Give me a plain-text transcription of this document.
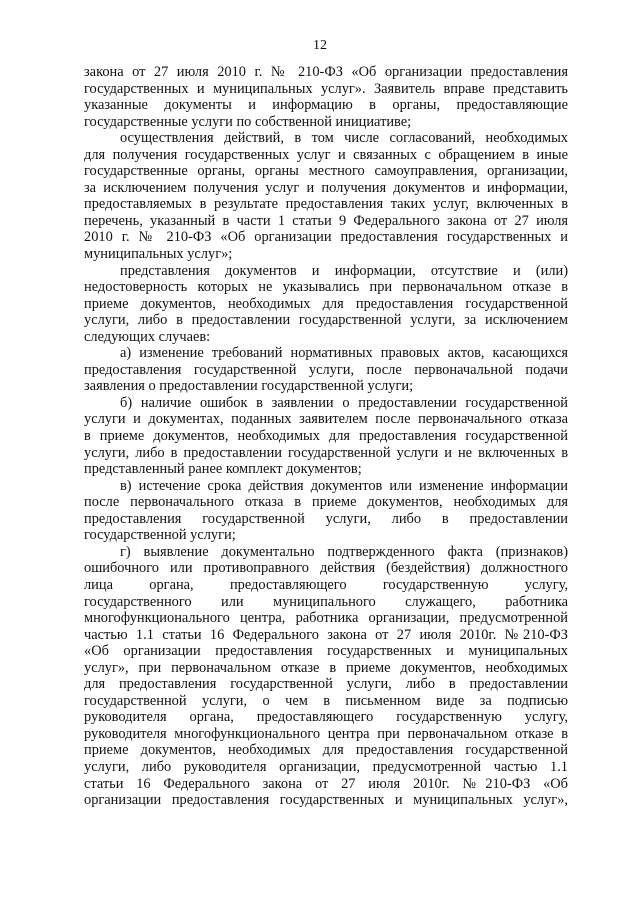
12
закона от 27 июля 2010 г. № 210-ФЗ «Об организации предоставления
государственных и муниципальных услуг». Заявитель вправе представить
указанные документы и информацию в органы, предоставляющие
государственные услуги по собственной инициативе;
осуществления действий, в том числе согласований, необходимых
для получения государственных услуг и связанных с обращением в иные
государственные органы, органы местного самоуправления, организации,
за исключением получения услуг и получения документов и информации,
предоставляемых в результате предоставления таких услуг, включенных в
перечень, указанный в части 1 статьи 9 Федерального закона от 27 июля
2010 г. № 210-ФЗ «Об организации предоставления государственных и
муниципальных услуг»;
представления документов и информации, отсутствие и (или)
недостоверность которых не указывались при первоначальном отказе в
приеме документов, необходимых для предоставления государственной
услуги, либо в предоставлении государственной услуги, за исключением
следующих случаев:
а) изменение требований нормативных правовых актов, касающихся
предоставления государственной услуги, после первоначальной подачи
заявления о предоставлении государственной услуги;
б) наличие ошибок в заявлении о предоставлении государственной
услуги и документах, поданных заявителем после первоначального отказа
в приеме документов, необходимых для предоставления государственной
услуги, либо в предоставлении государственной услуги и не включенных в
представленный ранее комплект документов;
в) истечение срока действия документов или изменение информации
после первоначального отказа в приеме документов, необходимых для
предоставления государственной услуги, либо в предоставлении
государственной услуги;
г) выявление документально подтвержденного факта (признаков)
ошибочного или противоправного действия (бездействия) должностного
лица органа, предоставляющего государственную услугу,
государственного или муниципального служащего, работника
многофункционального центра, работника организации, предусмотренной
частью 1.1 статьи 16 Федерального закона от 27 июля 2010г. №210-ФЗ
«Об организации предоставления государственных и муниципальных
услуг», при первоначальном отказе в приеме документов, необходимых
для предоставления государственной услуги, либо в предоставлении
государственной услуги, о чем в письменном виде за подписью
руководителя органа, предоставляющего государственную услугу,
руководителя многофункционального центра при первоначальном отказе в
приеме документов, необходимых для предоставления государственной
услуги, либо руководителя организации, предусмотренной частью 1.1
статьи 16 Федерального закона от 27 июля 2010г. №210-ФЗ «Об
организации предоставления государственных и муниципальных услуг»,
